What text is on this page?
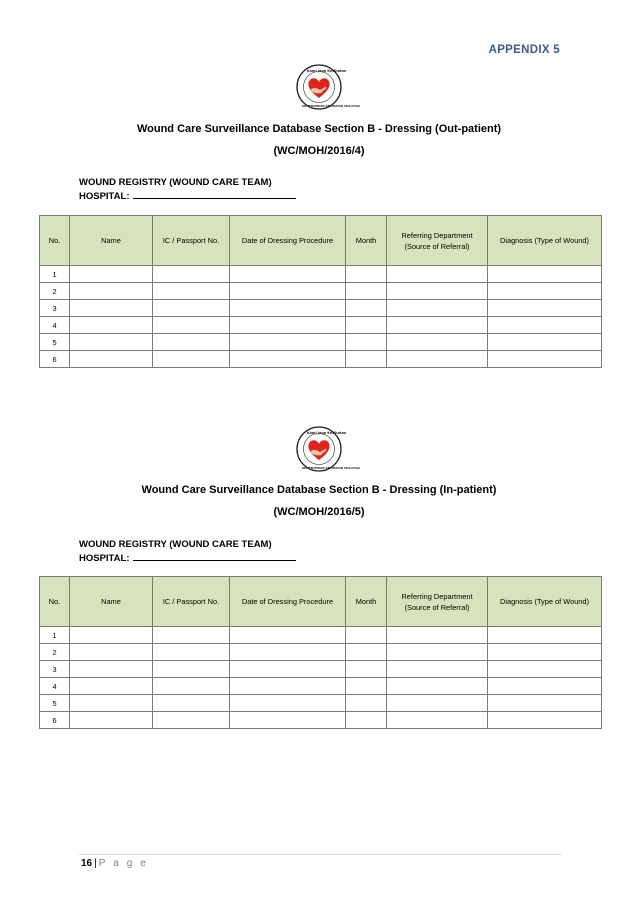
APPENDIX 5
Kami Jaga Kesihatan
KEMENTERIAN KESIHATAN MALAYSIA
Wound Care Surveillance Database Section B - Dressing (Out-patient)
(WC/MOH/2016/4)
WOUND REGISTRY (WOUND CARE TEAM)
HOSPITAL:
No.	Name	IC / Passport No.	Date of Dressing Procedure	Month	Referring Department (Source of Referral)	Diagnosis (Type of Wound)
1						
2						
3						
4						
5						
6						
Kami Jaga Kesihatan
KEMENTERIAN KESIHATAN MALAYSIA
Wound Care Surveillance Database Section B - Dressing (In-patient)
(WC/MOH/2016/5)
WOUND REGISTRY (WOUND CARE TEAM)
HOSPITAL:
No.	Name	IC / Passport No.	Date of Dressing Procedure	Month	Referring Department (Source of Referral)	Diagnosis (Type of Wound)
1						
2						
3						
4						
5						
6						
16 | P a g e
